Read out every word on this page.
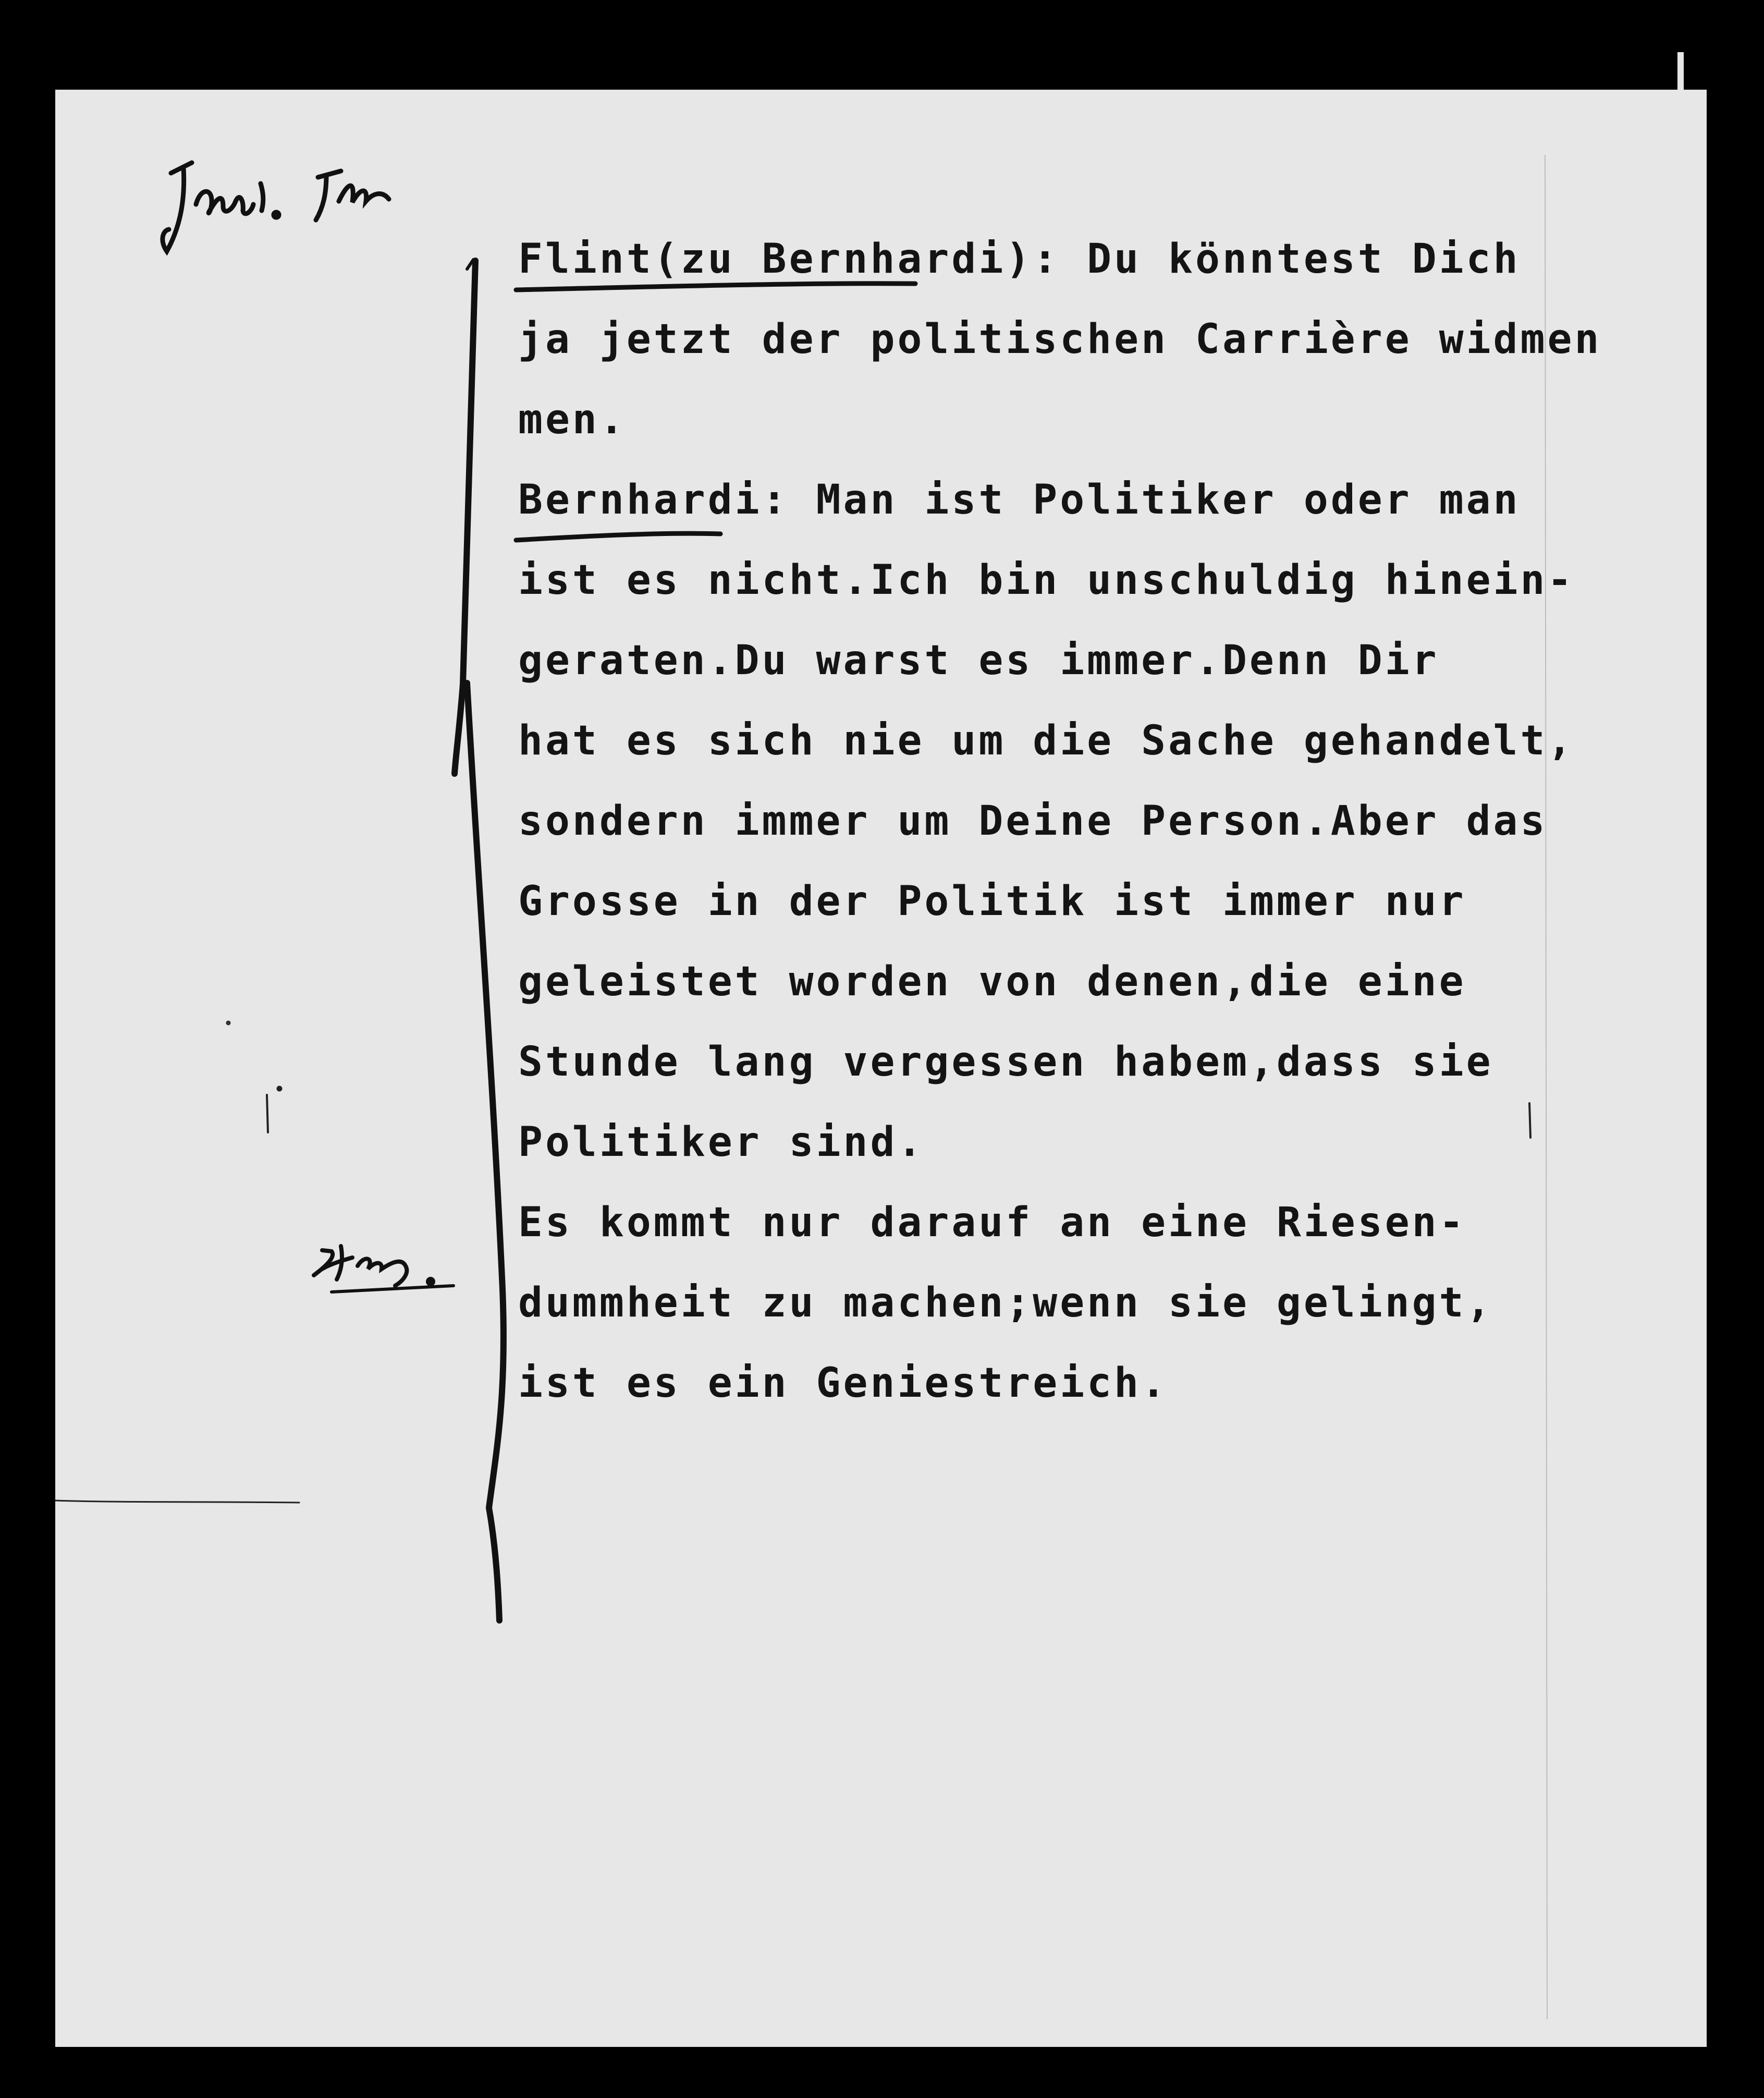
Flint(zu Bernhardi): Du könntest Dich
ja jetzt der politischen Carrière widmen
men.
Bernhardi: Man ist Politiker oder man
ist es nicht.Ich bin unschuldig hinein-
geraten.Du warst es immer.Denn Dir
hat es sich nie um die Sache gehandelt,
sondern immer um Deine Person.Aber das
Grosse in der Politik ist immer nur
geleistet worden von denen,die eine
Stunde lang vergessen habem,dass sie
Politiker sind.
Es kommt nur darauf an eine Riesen-
dummheit zu machen;wenn sie gelingt,
ist es ein Geniestreich.
